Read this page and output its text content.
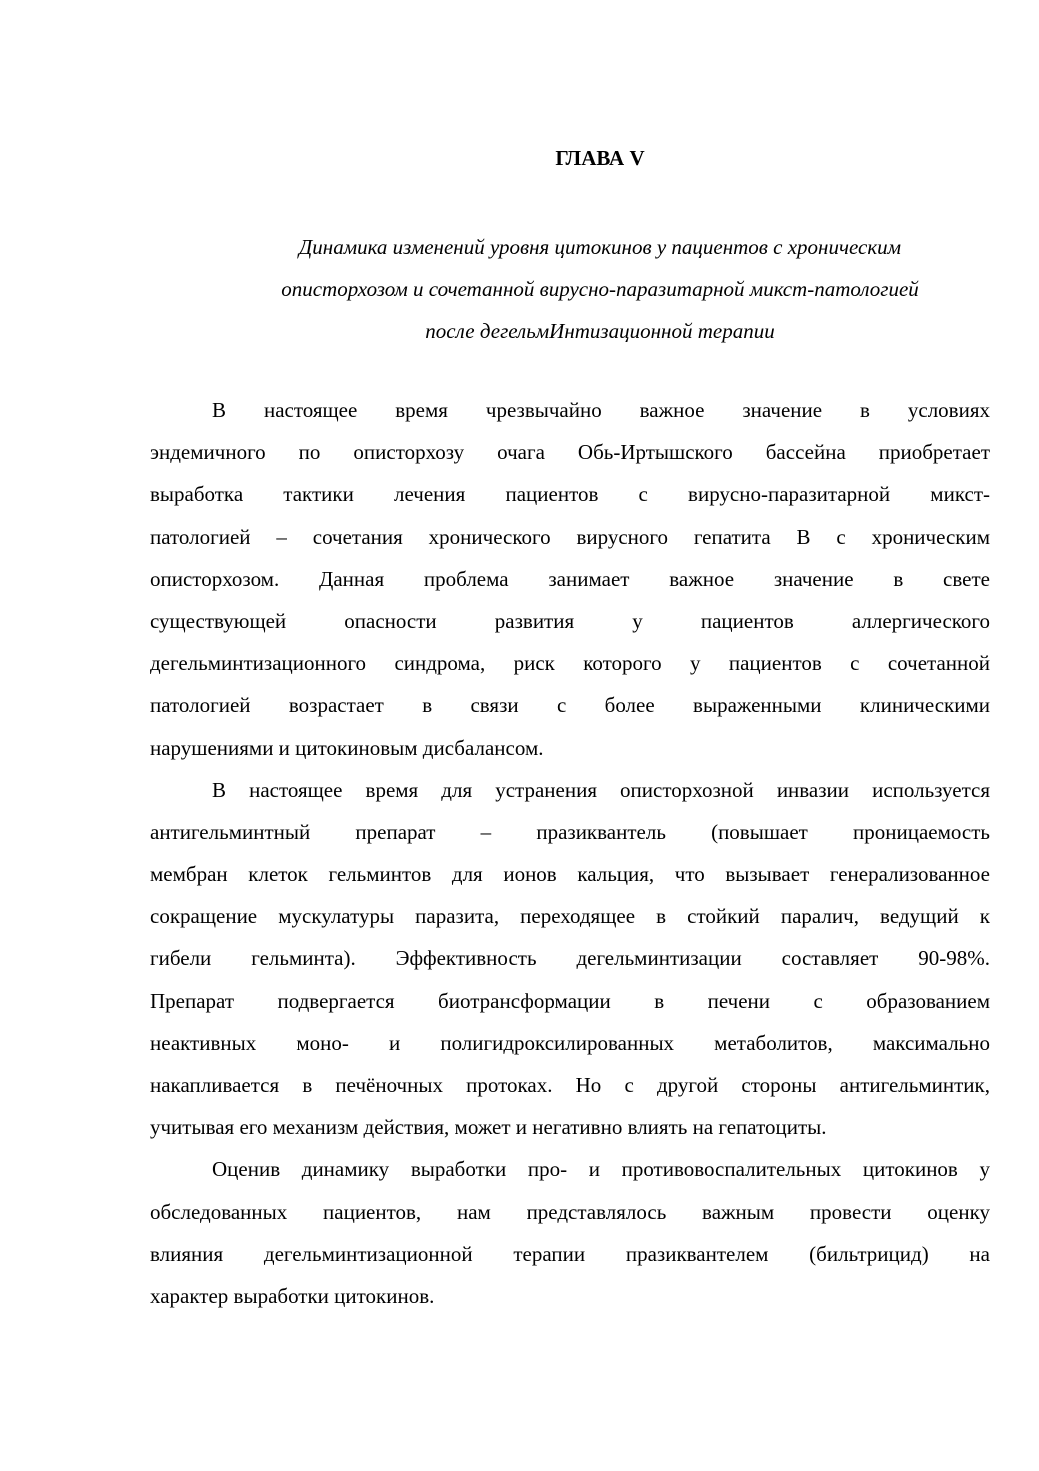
ГЛАВА V
Динамика изменений уровня цитокинов у пациентов с хроническим
описторхозом и сочетанной вирусно-паразитарной микст-патологией
после дегельмИнтизационной терапии
В настоящее время чрезвычайно важное значение в условиях
эндемичного по описторхозу очага Обь-Иртышского бассейна приобретает
выработка тактики лечения пациентов с вирусно-паразитарной микст-
патологией – сочетания хронического вирусного гепатита В с хроническим
описторхозом. Данная проблема занимает важное значение в свете
существующей опасности развития у пациентов аллергического
дегельминтизационного синдрома, риск которого у пациентов с сочетанной
патологией возрастает в связи с более выраженными клиническими
нарушениями и цитокиновым дисбалансом.
В настоящее время для устранения описторхозной инвазии используется
антигельминтный препарат – празиквантель (повышает проницаемость
мембран клеток гельминтов для ионов кальция, что вызывает генерализованное
сокращение мускулатуры паразита, переходящее в стойкий паралич, ведущий к
гибели гельминта). Эффективность дегельминтизации составляет 90-98%.
Препарат подвергается биотрансформации в печени с образованием
неактивных моно- и полигидроксилированных метаболитов, максимально
накапливается в печёночных протоках. Но с другой стороны антигельминтик,
учитывая его механизм действия, может и негативно влиять на гепатоциты.
Оценив динамику выработки про- и противовоспалительных цитокинов у
обследованных пациентов, нам представлялось важным провести оценку
влияния дегельминтизационной терапии празиквантелем (бильтрицид) на
характер выработки цитокинов.
